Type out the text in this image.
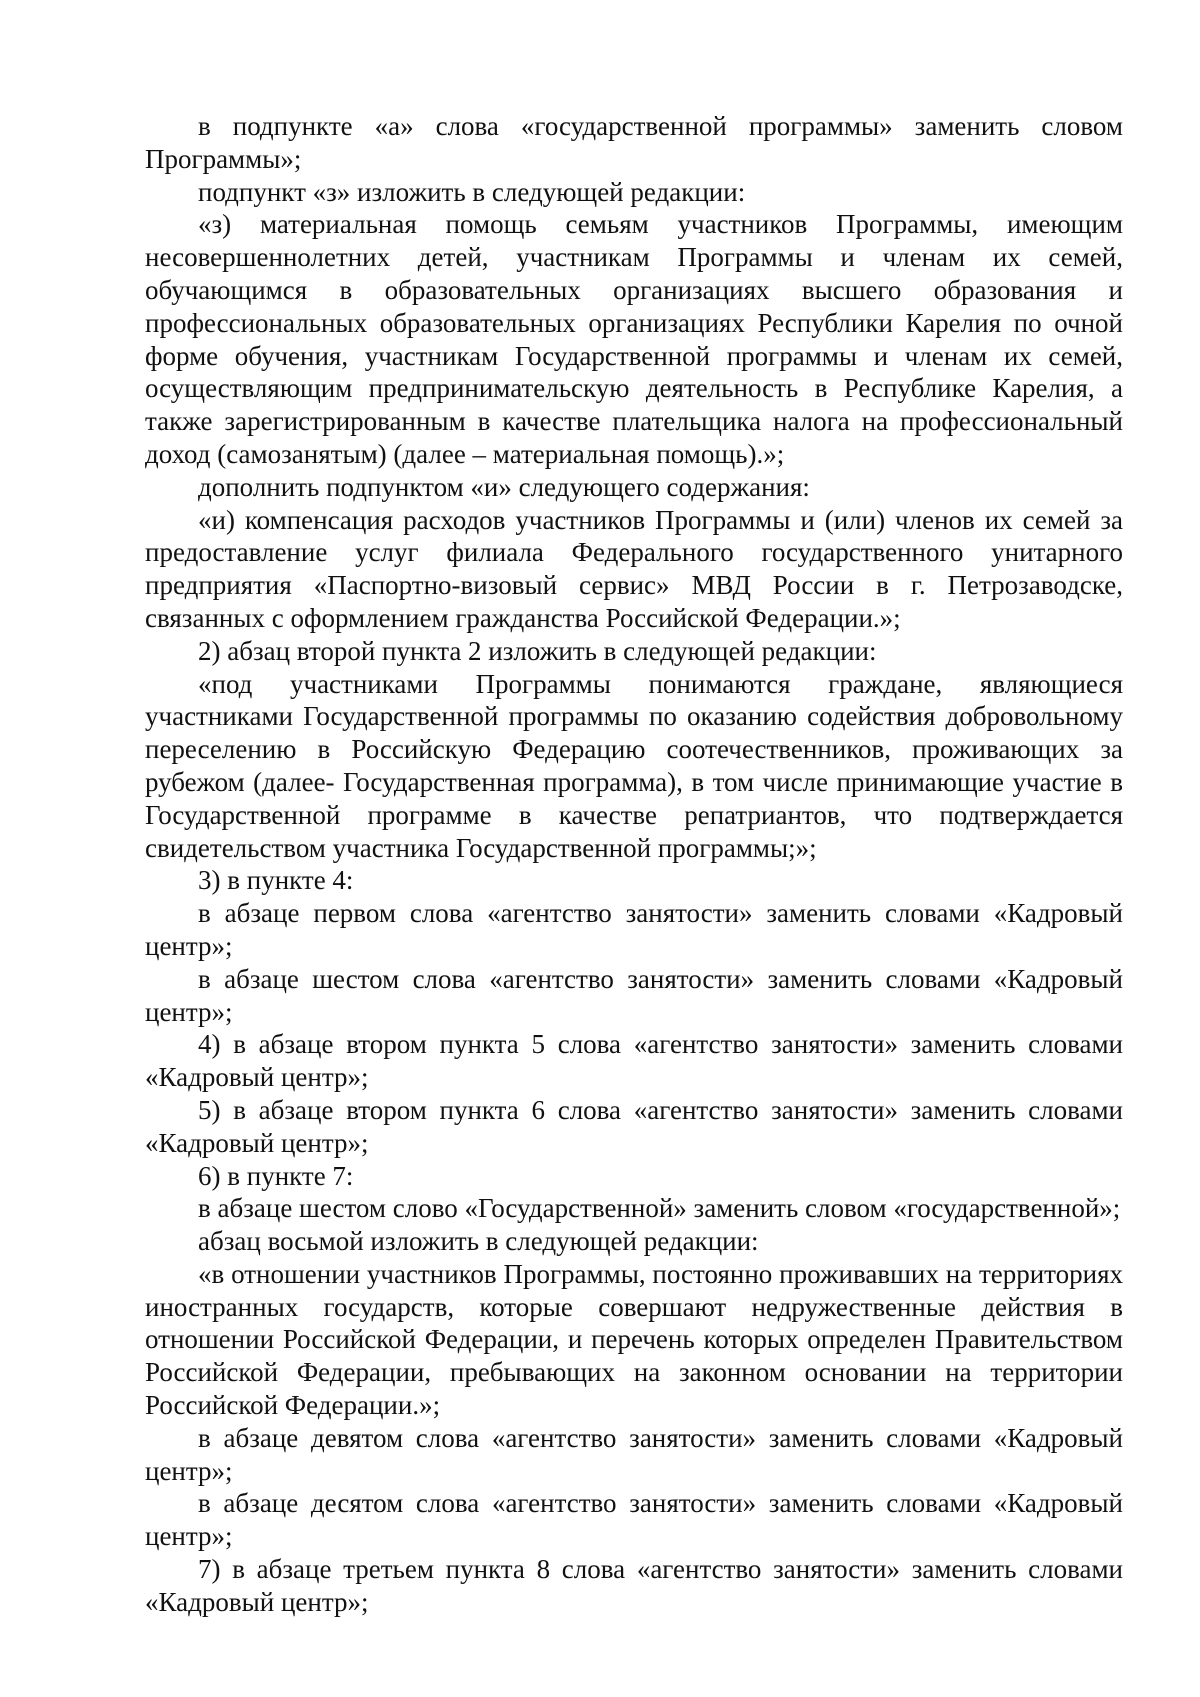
в подпункте «а» слова «государственной программы» заменить словом Программы»;

подпункт «з» изложить в следующей редакции:

«з) материальная помощь семьям участников Программы, имеющим несовершеннолетних детей, участникам Программы и членам их семей, обучающимся в образовательных организациях высшего образования и профессиональных образовательных организациях Республики Карелия по очной форме обучения, участникам Государственной программы и членам их семей, осуществляющим предпринимательскую деятельность в Республике Карелия, а также зарегистрированным в качестве плательщика налога на профессиональный доход (самозанятым) (далее – материальная помощь).»;

дополнить подпунктом «и» следующего содержания:

«и) компенсация расходов участников Программы и (или) членов их семей за предоставление услуг филиала Федерального государственного унитарного предприятия «Паспортно-визовый сервис» МВД России в г. Петрозаводске, связанных с оформлением гражданства Российской Федерации.»;

2) абзац второй пункта 2 изложить в следующей редакции:

«под участниками Программы понимаются граждане, являющиеся участниками Государственной программы по оказанию содействия добровольному переселению в Российскую Федерацию соотечественников, проживающих за рубежом (далее- Государственная программа), в том числе принимающие участие в Государственной программе в качестве репатриантов, что подтверждается свидетельством участника Государственной программы;»;

3) в пункте 4:

в абзаце первом слова «агентство занятости» заменить словами «Кадровый центр»;

в абзаце шестом слова «агентство занятости» заменить словами «Кадровый центр»;

4) в абзаце втором пункта 5 слова «агентство занятости» заменить словами «Кадровый центр»;

5) в абзаце втором пункта 6 слова «агентство занятости» заменить словами «Кадровый центр»;

6) в пункте 7:

в абзаце шестом слово «Государственной» заменить словом «государственной»;

абзац восьмой изложить в следующей редакции:

«в отношении участников Программы, постоянно проживавших на территориях иностранных государств, которые совершают недружественные действия в отношении Российской Федерации, и перечень которых определен Правительством Российской Федерации, пребывающих на законном основании на территории Российской Федерации.»;

в абзаце девятом слова «агентство занятости» заменить словами «Кадровый центр»;

в абзаце десятом слова «агентство занятости» заменить словами «Кадровый центр»;

7) в абзаце третьем пункта 8 слова «агентство занятости» заменить словами «Кадровый центр»;
